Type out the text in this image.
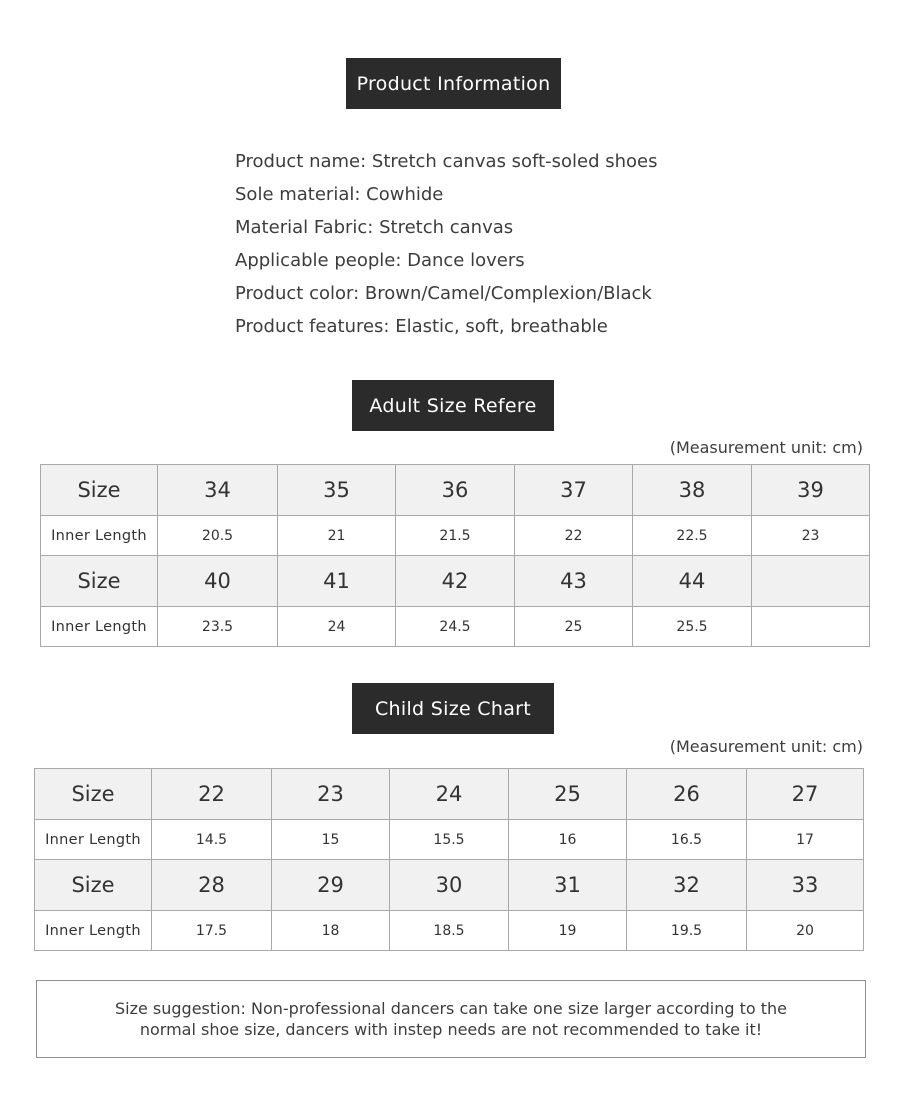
Product Information
Product name: Stretch canvas soft-soled shoes
Sole material: Cowhide
Material Fabric: Stretch canvas
Applicable people: Dance lovers
Product color: Brown/Camel/Complexion/Black
Product features: Elastic, soft, breathable
Adult Size Refere
(Measurement unit: cm)
Size	34	35	36	37	38	39
Inner Length	20.5	21	21.5	22	22.5	23
Size	40	41	42	43	44	
Inner Length	23.5	24	24.5	25	25.5	
Child Size Chart
(Measurement unit: cm)
Size	22	23	24	25	26	27
Inner Length	14.5	15	15.5	16	16.5	17
Size	28	29	30	31	32	33
Inner Length	17.5	18	18.5	19	19.5	20
Size suggestion: Non-professional dancers can take one size larger according to the normal shoe size, dancers with instep needs are not recommended to take it!
